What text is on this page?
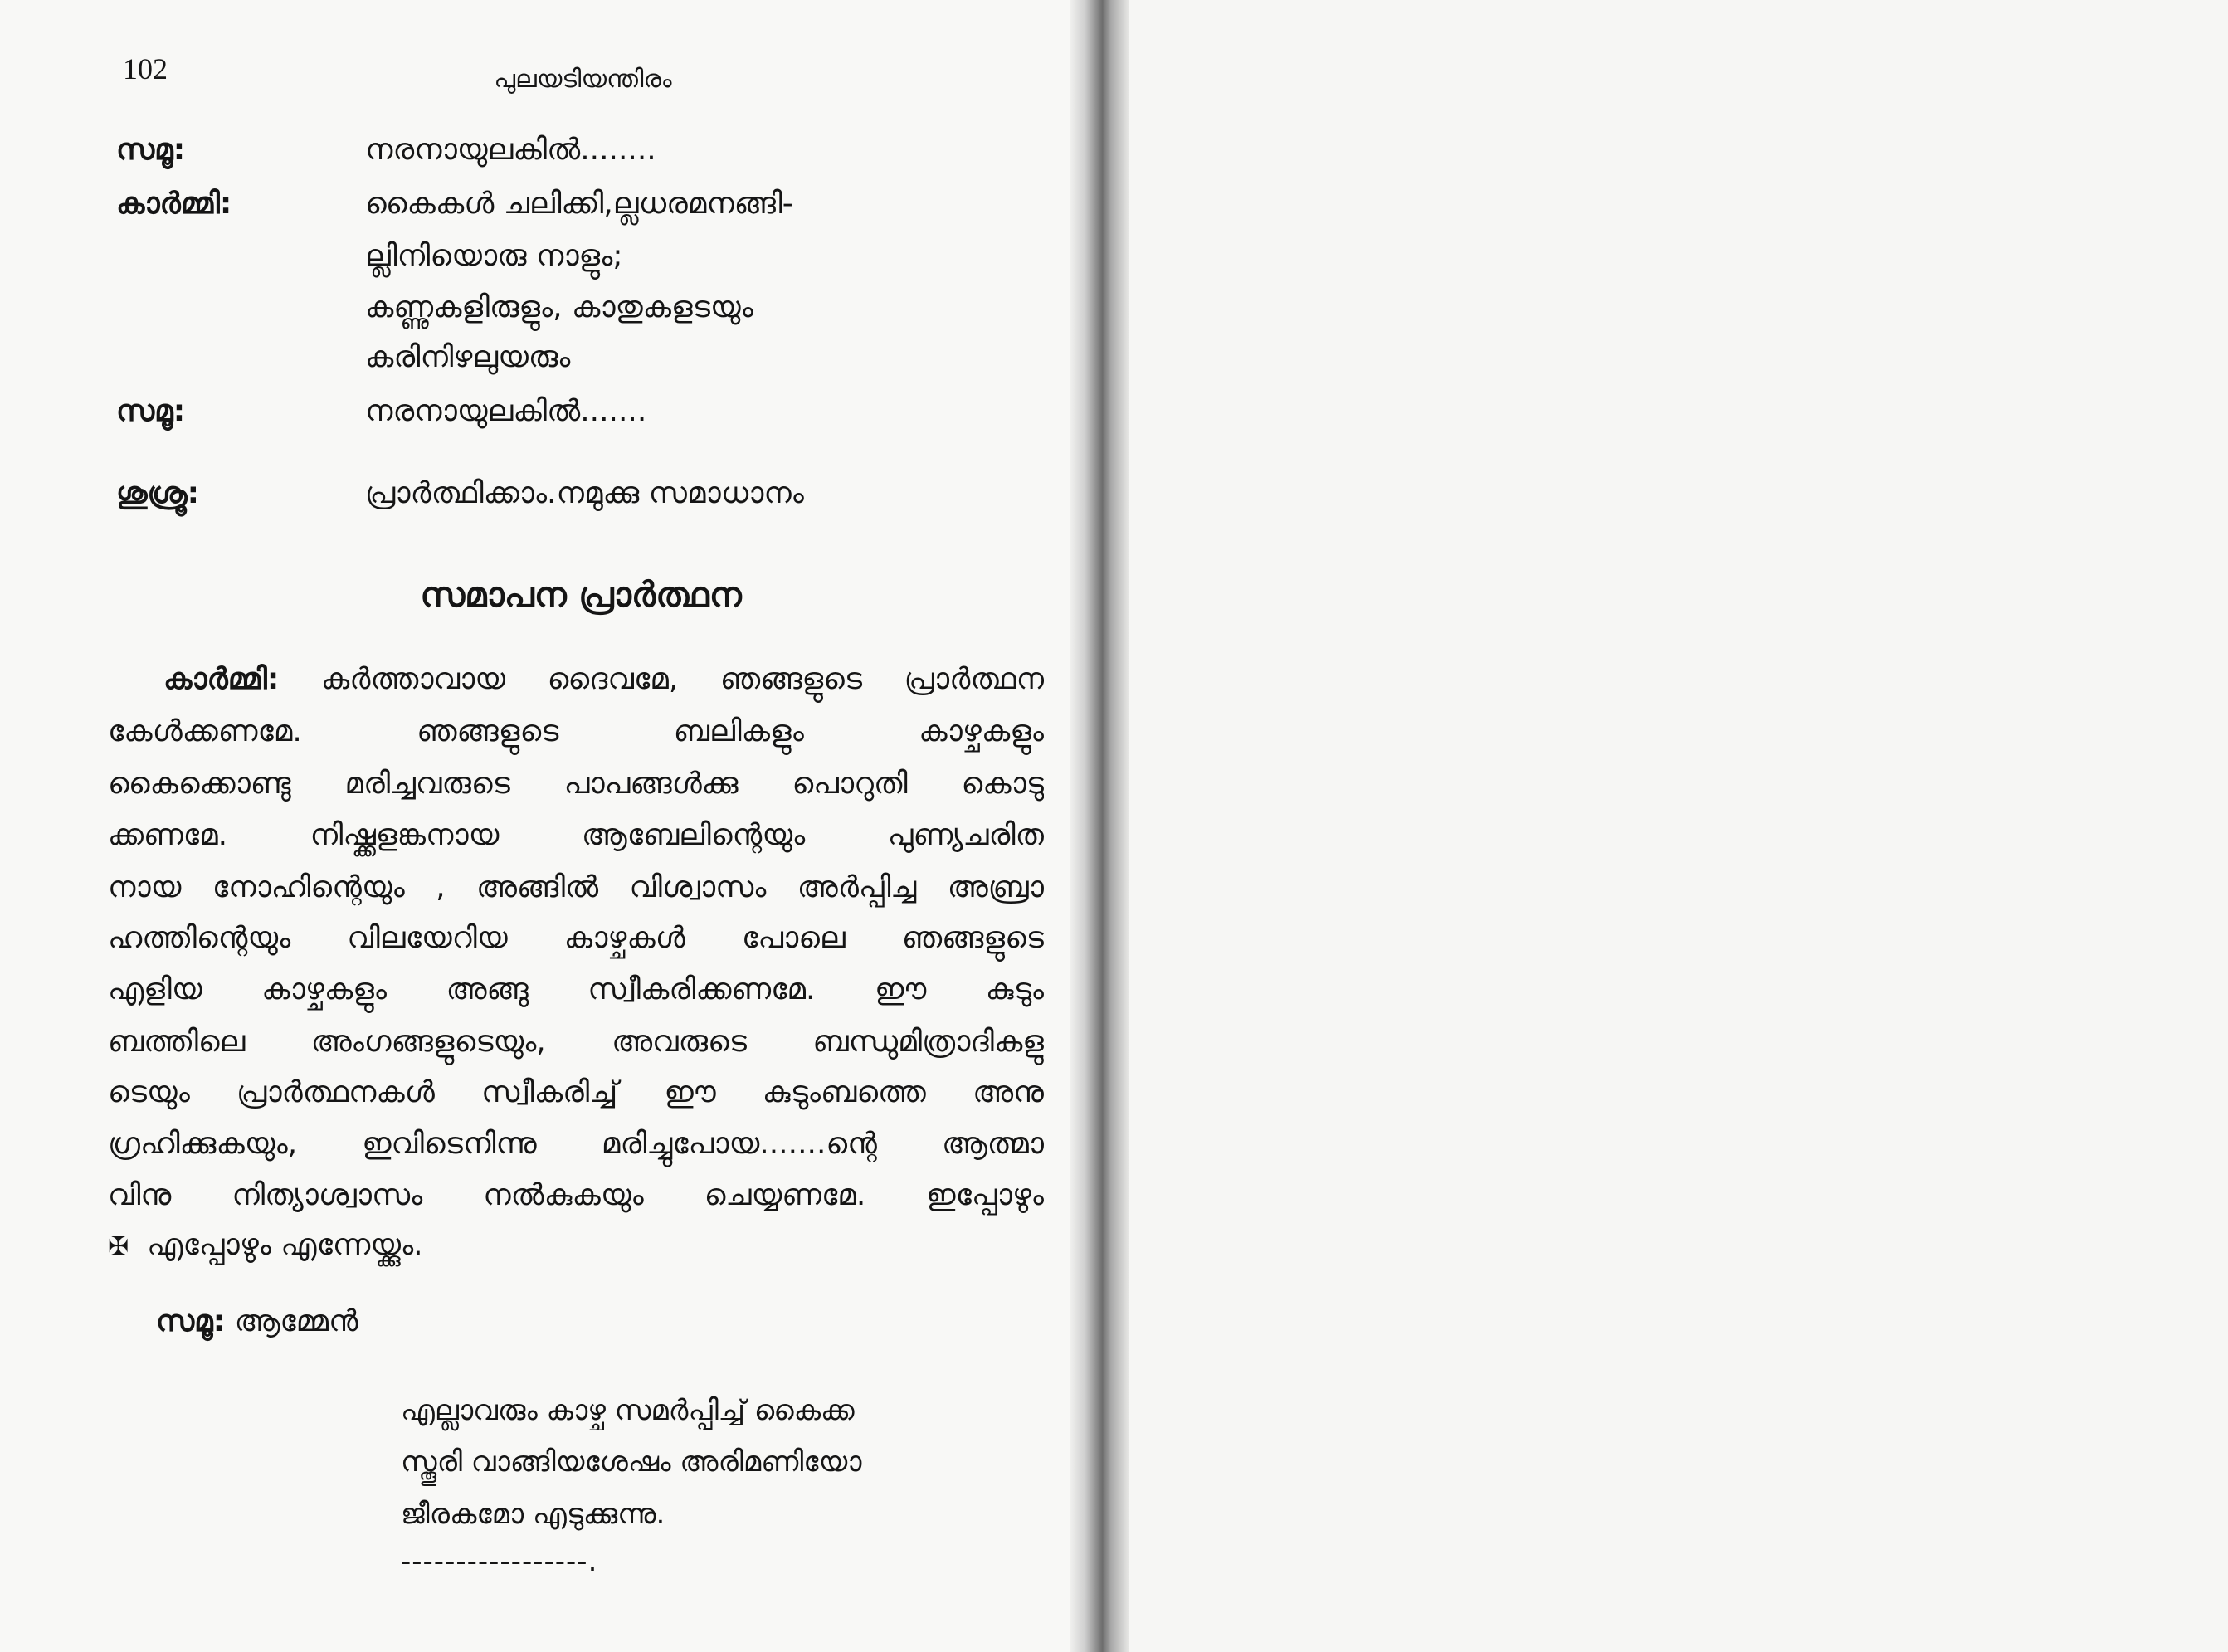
102	പുലയടിയന്തിരം
സമൂ:	നരനായുലകിൽ........
കാർമ്മി:	കൈകൾ ചലിക്കി,ല്ലധരമനങ്ങി-
ല്ലിനിയൊരു നാളും;
കണ്ണുകളിരുളും, കാതുകളടയും
കരിനിഴലുയരും
സമൂ:	നരനായുലകിൽ.......
ശുശ്രൂ:	പ്രാർത്ഥിക്കാം.നമുക്കു സമാധാനം
സമാപന പ്രാർത്ഥന
കാർമ്മി: കർത്താവായ ദൈവമേ, ഞങ്ങളുടെ പ്രാർത്ഥന
കേൾക്കണമേ. ഞങ്ങളുടെ ബലികളും കാഴ്ചകളും
കൈക്കൊണ്ടു മരിച്ചവരുടെ പാപങ്ങൾക്കു പൊറുതി കൊടു
ക്കണമേ. നിഷ്ക്കളങ്കനായ ആബേലിന്റെയും പുണ്യചരിത
നായ നോഹിന്റെയും , അങ്ങിൽ വിശ്വാസം അർപ്പിച്ച അബ്രാ
ഹത്തിന്റെയും വിലയേറിയ കാഴ്ചകൾ പോലെ ഞങ്ങളുടെ
എളിയ കാഴ്ചകളും അങ്ങു സ്വീകരിക്കണമേ. ഈ കുടും
ബത്തിലെ അംഗങ്ങളുടെയും, അവരുടെ ബന്ധുമിത്രാദികളു
ടെയും പ്രാർത്ഥനകൾ സ്വീകരിച്ച് ഈ കുടുംബത്തെ അനു
ഗ്രഹിക്കുകയും, ഇവിടെനിന്നു മരിച്ചുപോയ.......ന്റെ ആത്മാ
വിനു നിത്യാശ്വാസം നൽകുകയും ചെയ്യണമേ. ഇപ്പോഴും
✠ എപ്പോഴും എന്നേയ്ക്കും.
സമൂ: ആമ്മേൻ
എല്ലാവരും കാഴ്ച സമർപ്പിച്ച് കൈക്ക
സ്തൂരി വാങ്ങിയശേഷം അരിമണിയോ
ജീരകമോ എടുക്കുന്നു.
-----------------.
